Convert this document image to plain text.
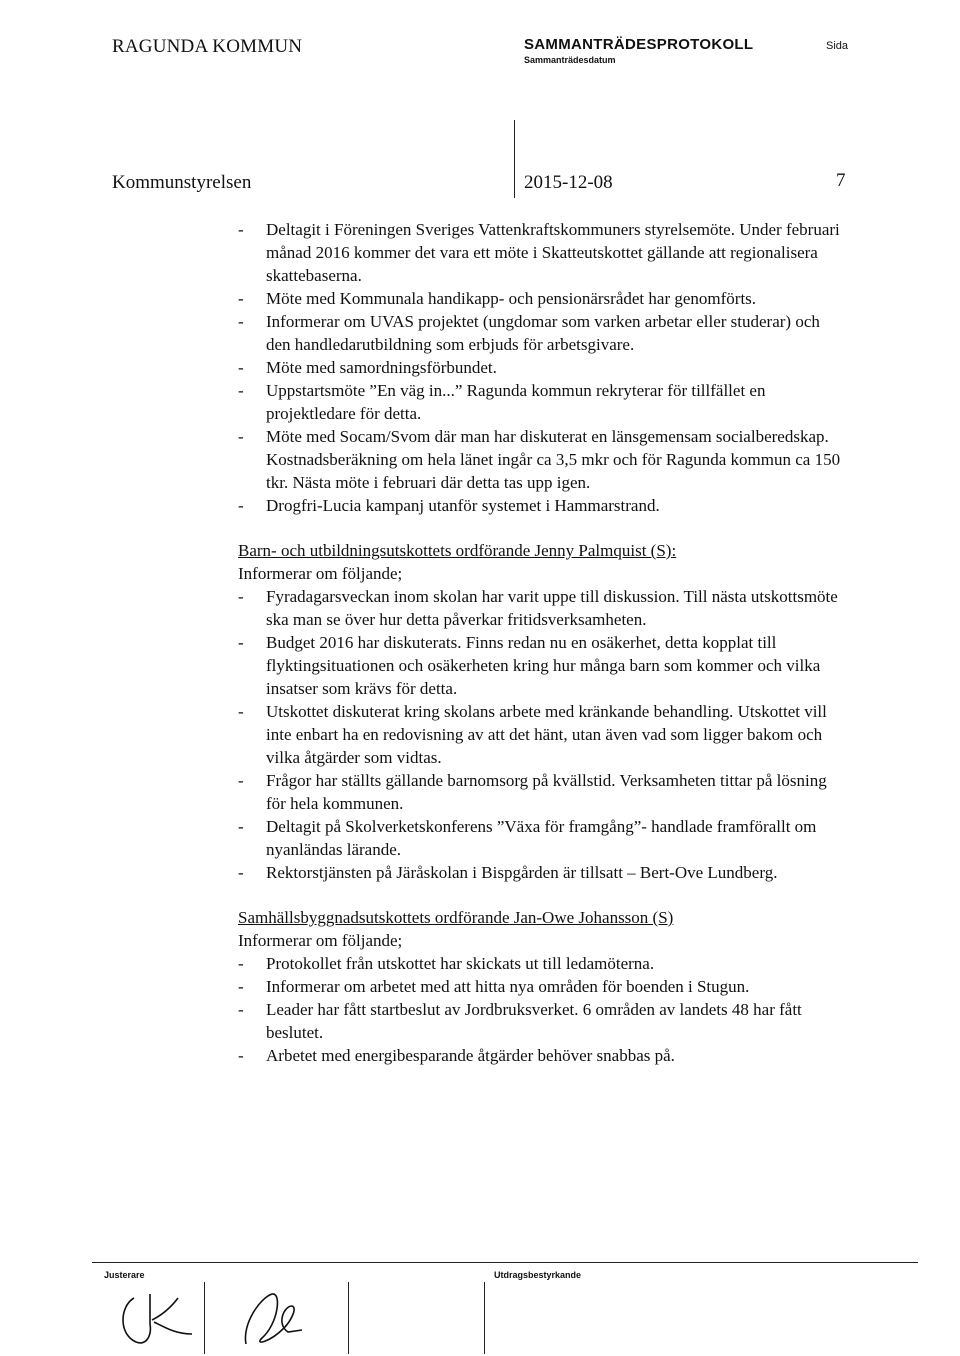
RAGUNDA KOMMUN	SAMMANTRÄDESPROTOKOLL
Sammanträdesdatum
Sida
Kommunstyrelsen	2015-12-08	7
- Deltagit i Föreningen Sveriges Vattenkraftskommuners styrelsemöte. Under februari månad 2016 kommer det vara ett möte i Skatteutskottet gällande att regionalisera skattebaserna.
- Möte med Kommunala handikapp- och pensionärsrådet har genomförts.
- Informerar om UVAS projektet (ungdomar som varken arbetar eller studerar) och den handledarutbildning som erbjuds för arbetsgivare.
- Möte med samordningsförbundet.
- Uppstartsmöte ”En väg in...” Ragunda kommun rekryterar för tillfället en projektledare för detta.
- Möte med Socam/Svom där man har diskuterat en länsgemensam socialberedskap. Kostnadsberäkning om hela länet ingår ca 3,5 mkr och för Ragunda kommun ca 150 tkr. Nästa möte i februari där detta tas upp igen.
- Drogfri-Lucia kampanj utanför systemet i Hammarstrand.
Barn- och utbildningsutskottets ordförande Jenny Palmquist (S):
Informerar om följande;
- Fyradagarsveckan inom skolan har varit uppe till diskussion. Till nästa utskottsmöte ska man se över hur detta påverkar fritidsverksamheten.
- Budget 2016 har diskuterats. Finns redan nu en osäkerhet, detta kopplat till flyktingsituationen och osäkerheten kring hur många barn som kommer och vilka insatser som krävs för detta.
- Utskottet diskuterat kring skolans arbete med kränkande behandling. Utskottet vill inte enbart ha en redovisning av att det hänt, utan även vad som ligger bakom och vilka åtgärder som vidtas.
- Frågor har ställts gällande barnomsorg på kvällstid. Verksamheten tittar på lösning för hela kommunen.
- Deltagit på Skolverketskonferens ”Växa för framgång”- handlade framförallt om nyanländas lärande.
- Rektorstjänsten på Järåskolan i Bispgården är tillsatt – Bert-Ove Lundberg.
Samhällsbyggnadsutskottets ordförande Jan-Owe Johansson (S)
Informerar om följande;
- Protokollet från utskottet har skickats ut till ledamöterna.
- Informerar om arbetet med att hitta nya områden för boenden i Stugun.
- Leader har fått startbeslut av Jordbruksverket. 6 områden av landets 48 har fått beslutet.
- Arbetet med energibesparande åtgärder behöver snabbas på.
Justerare	Utdragsbestyrkande
